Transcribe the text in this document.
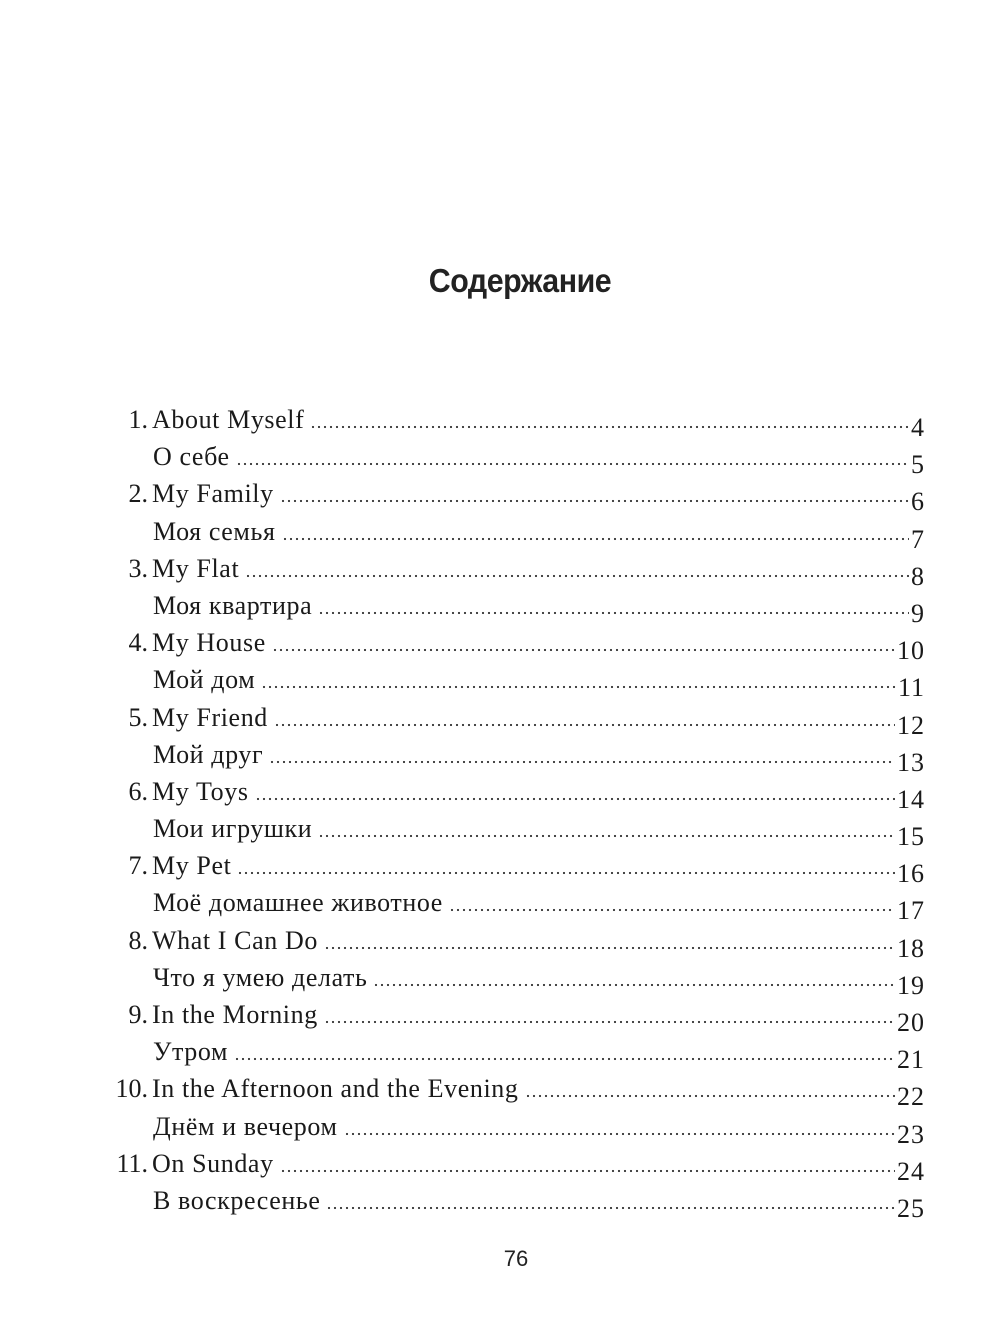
Содержание
1. About Myself	4
О себе	5
2. My Family	6
Моя семья	7
3. My Flat	8
Моя квартира	9
4. My House	10
Мой дом	11
5. My Friend	12
Мой друг	13
6. My Toys	14
Мои игрушки	15
7. My Pet	16
Моё домашнее животное	17
8. What I Can Do	18
Что я умею делать	19
9. In the Morning	20
Утром	21
10. In the Afternoon and the Evening	22
Днём и вечером	23
11. On Sunday	24
В воскресенье	25
76
